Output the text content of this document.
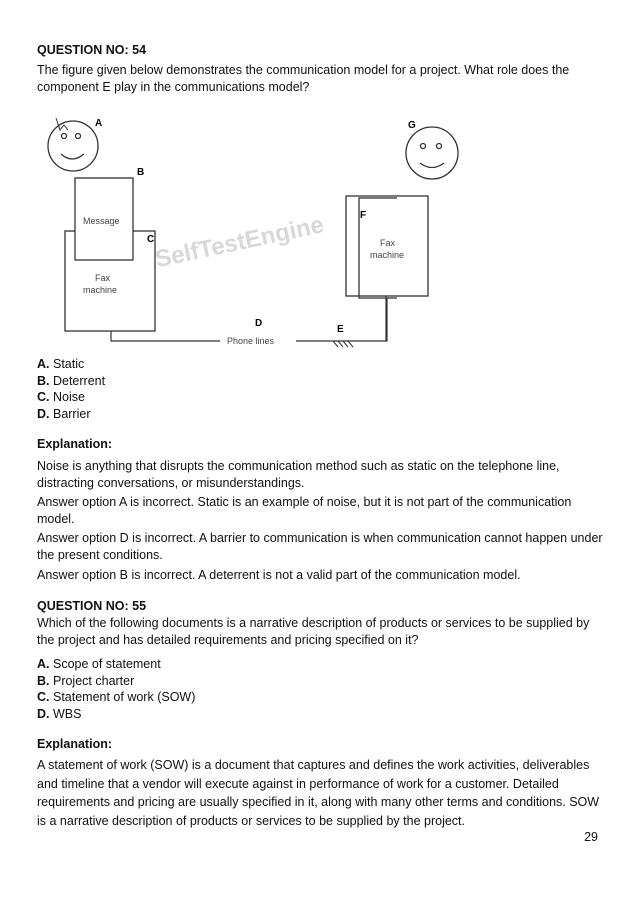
QUESTION NO: 54
The figure given below demonstrates the communication model for a project. What role does the component E play in the communications model?
SelfTestEngine
A
Message
Fax
machine
B
C
Phone lines
D
E
G
F
Fax
machine
A. Static
B. Deterrent
C. Noise
D. Barrier
Explanation:
Noise is anything that disrupts the communication method such as static on the telephone line, distracting conversations, or misunderstandings.
Answer option A is incorrect. Static is an example of noise, but it is not part of the communication model.
Answer option D is incorrect. A barrier to communication is when communication cannot happen under the present conditions.
Answer option B is incorrect. A deterrent is not a valid part of the communication model.
QUESTION NO: 55
Which of the following documents is a narrative description of products or services to be supplied by the project and has detailed requirements and pricing specified on it?
A. Scope of statement
B. Project charter
C. Statement of work (SOW)
D. WBS
Explanation:
A statement of work (SOW) is a document that captures and defines the work activities, deliverables and timeline that a vendor will execute against in performance of work for a customer. Detailed requirements and pricing are usually specified in it, along with many other terms and conditions. SOW is a narrative description of products or services to be supplied by the project.
29
